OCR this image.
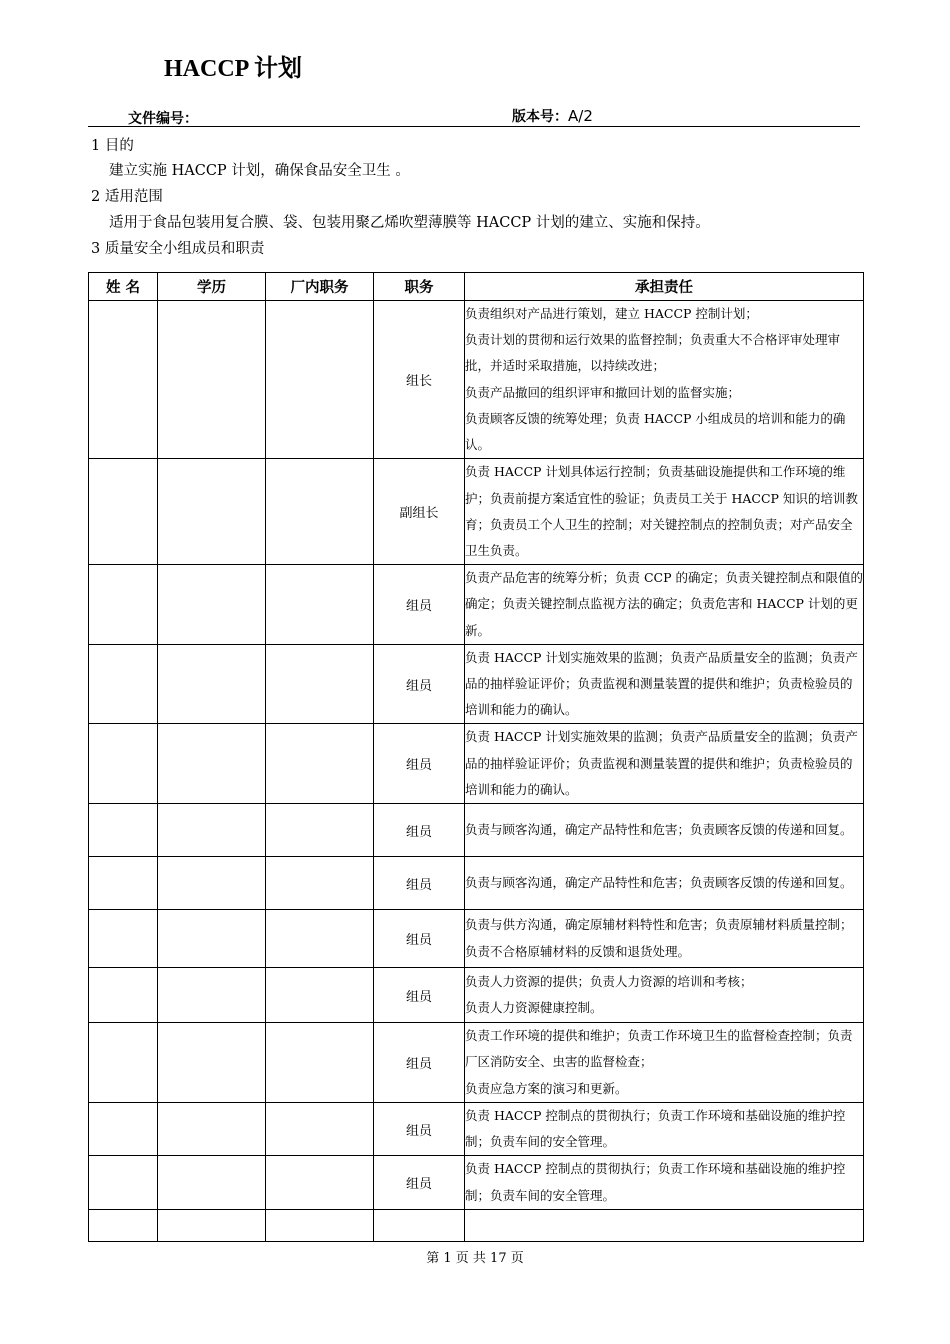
HACCP 计划
文件编号：	版本号：A/2
1 目的
建立实施 HACCP 计划，确保食品安全卫生 。
2 适用范围
适用于食品包装用复合膜、袋、包装用聚乙烯吹塑薄膜等 HACCP 计划的建立、实施和保持。
3 质量安全小组成员和职责
姓 名	学历	厂内职务	职务	承担责任
			组长	负责组织对产品进行策划，建立 HACCP 控制计划；
负责计划的贯彻和运行效果的监督控制；负责重大不合格评审处理审批，并适时采取措施，以持续改进；
负责产品撤回的组织评审和撤回计划的监督实施；
负责顾客反馈的统筹处理；负责 HACCP 小组成员的培训和能力的确认。

			副组长	负责 HACCP 计划具体运行控制；负责基础设施提供和工作环境的维护；负责前提方案适宜性的验证；负责员工关于 HACCP 知识的培训教育；负责员工个人卫生的控制；对关键控制点的控制负责；对产品安全卫生负责。

			组员	负责产品危害的统筹分析；负责 CCP 的确定；负责关键控制点和限值的确定；负责关键控制点监视方法的确定；负责危害和 HACCP 计划的更新。

			组员	负责 HACCP 计划实施效果的监测；负责产品质量安全的监测；负责产品的抽样验证评价；负责监视和测量装置的提供和维护；负责检验员的培训和能力的确认。

			组员	负责 HACCP 计划实施效果的监测；负责产品质量安全的监测；负责产品的抽样验证评价；负责监视和测量装置的提供和维护；负责检验员的培训和能力的确认。

			组员	负责与顾客沟通，确定产品特性和危害；负责顾客反馈的传递和回复。

			组员	负责与顾客沟通，确定产品特性和危害；负责顾客反馈的传递和回复。

			组员	负责与供方沟通，确定原辅材料特性和危害；负责原辅材料质量控制；负责不合格原辅材料的反馈和退货处理。

			组员	负责人力资源的提供；负责人力资源的培训和考核；
负责人力资源健康控制。

			组员	负责工作环境的提供和维护；负责工作环境卫生的监督检查控制；负责厂区消防安全、虫害的监督检查；
负责应急方案的演习和更新。

			组员	负责 HACCP 控制点的贯彻执行；负责工作环境和基础设施的维护控制；负责车间的安全管理。

			组员	负责 HACCP 控制点的贯彻执行；负责工作环境和基础设施的维护控制；负责车间的安全管理。

第 1 页 共 17 页
